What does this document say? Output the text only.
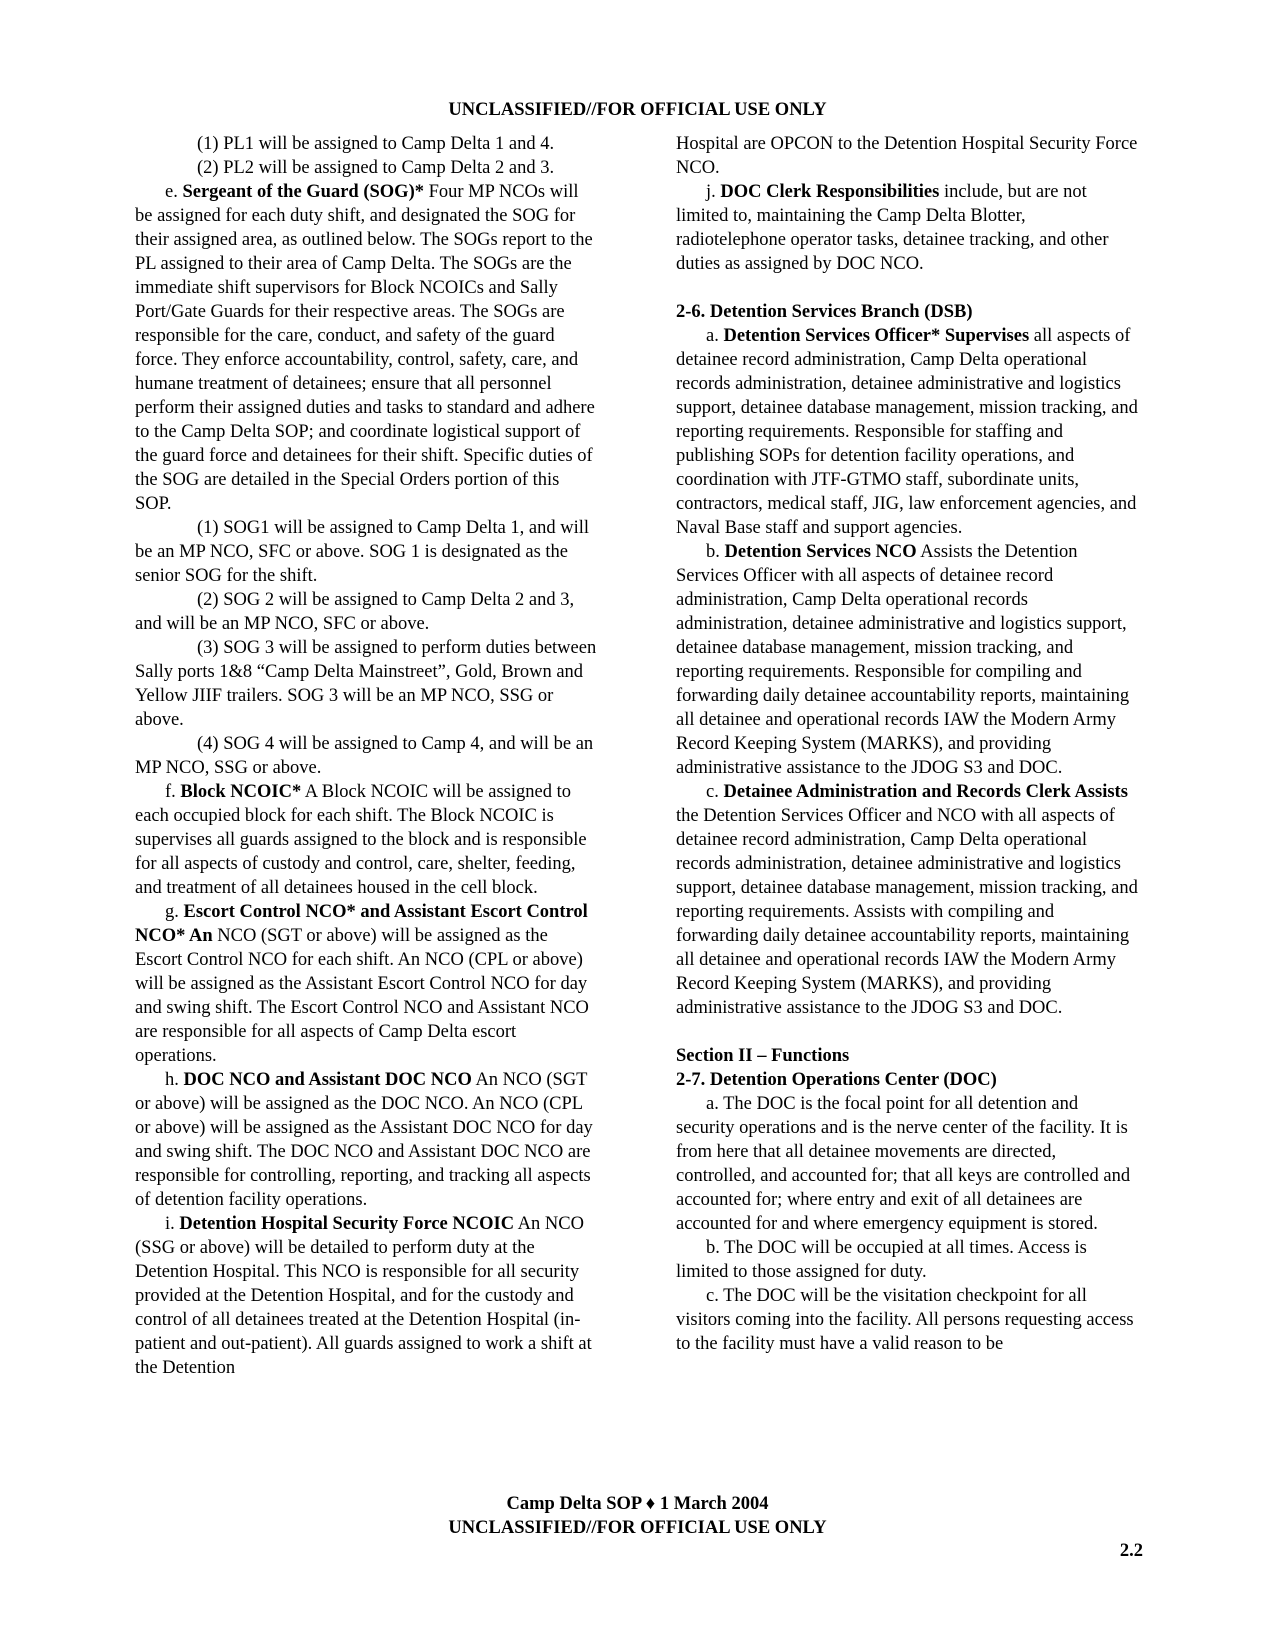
UNCLASSIFIED//FOR OFFICIAL USE ONLY

(1) PL1 will be assigned to Camp Delta 1 and 4.

(2) PL2 will be assigned to Camp Delta 2 and 3.

e. Sergeant of the Guard (SOG)* Four MP NCOs will be assigned for each duty shift, and designated the SOG for their assigned area, as outlined below. The SOGs report to the PL assigned to their area of Camp Delta. The SOGs are the immediate shift supervisors for Block NCOICs and Sally Port/Gate Guards for their respective areas. The SOGs are responsible for the care, conduct, and safety of the guard force. They enforce accountability, control, safety, care, and humane treatment of detainees; ensure that all personnel perform their assigned duties and tasks to standard and adhere to the Camp Delta SOP; and coordinate logistical support of the guard force and detainees for their shift. Specific duties of the SOG are detailed in the Special Orders portion of this SOP.

(1) SOG1 will be assigned to Camp Delta 1, and will be an MP NCO, SFC or above. SOG 1 is designated as the senior SOG for the shift.

(2) SOG 2 will be assigned to Camp Delta 2 and 3, and will be an MP NCO, SFC or above.

(3) SOG 3 will be assigned to perform duties between Sally ports 1&8 “Camp Delta Mainstreet”, Gold, Brown and Yellow JIIF trailers. SOG 3 will be an MP NCO, SSG or above.

(4) SOG 4 will be assigned to Camp 4, and will be an MP NCO, SSG or above.

f. Block NCOIC* A Block NCOIC will be assigned to each occupied block for each shift. The Block NCOIC is supervises all guards assigned to the block and is responsible for all aspects of custody and control, care, shelter, feeding, and treatment of all detainees housed in the cell block.

g. Escort Control NCO* and Assistant Escort Control NCO* An NCO (SGT or above) will be assigned as the Escort Control NCO for each shift. An NCO (CPL or above) will be assigned as the Assistant Escort Control NCO for day and swing shift. The Escort Control NCO and Assistant NCO are responsible for all aspects of Camp Delta escort operations.

h. DOC NCO and Assistant DOC NCO An NCO (SGT or above) will be assigned as the DOC NCO. An NCO (CPL or above) will be assigned as the Assistant DOC NCO for day and swing shift. The DOC NCO and Assistant DOC NCO are responsible for controlling, reporting, and tracking all aspects of detention facility operations.

i. Detention Hospital Security Force NCOIC An NCO (SSG or above) will be detailed to perform duty at the Detention Hospital. This NCO is responsible for all security provided at the Detention Hospital, and for the custody and control of all detainees treated at the Detention Hospital (in-patient and out-patient). All guards assigned to work a shift at the Detention

Hospital are OPCON to the Detention Hospital Security Force NCO.

j. DOC Clerk Responsibilities include, but are not limited to, maintaining the Camp Delta Blotter, radiotelephone operator tasks, detainee tracking, and other duties as assigned by DOC NCO.

2-6. Detention Services Branch (DSB)

a. Detention Services Officer* Supervises all aspects of detainee record administration, Camp Delta operational records administration, detainee administrative and logistics support, detainee database management, mission tracking, and reporting requirements. Responsible for staffing and publishing SOPs for detention facility operations, and coordination with JTF-GTMO staff, subordinate units, contractors, medical staff, JIG, law enforcement agencies, and Naval Base staff and support agencies.

b. Detention Services NCO Assists the Detention Services Officer with all aspects of detainee record administration, Camp Delta operational records administration, detainee administrative and logistics support, detainee database management, mission tracking, and reporting requirements. Responsible for compiling and forwarding daily detainee accountability reports, maintaining all detainee and operational records IAW the Modern Army Record Keeping System (MARKS), and providing administrative assistance to the JDOG S3 and DOC.

c. Detainee Administration and Records Clerk Assists the Detention Services Officer and NCO with all aspects of detainee record administration, Camp Delta operational records administration, detainee administrative and logistics support, detainee database management, mission tracking, and reporting requirements. Assists with compiling and forwarding daily detainee accountability reports, maintaining all detainee and operational records IAW the Modern Army Record Keeping System (MARKS), and providing administrative assistance to the JDOG S3 and DOC.

Section II – Functions

2-7. Detention Operations Center (DOC)

a. The DOC is the focal point for all detention and security operations and is the nerve center of the facility. It is from here that all detainee movements are directed, controlled, and accounted for; that all keys are controlled and accounted for; where entry and exit of all detainees are accounted for and where emergency equipment is stored.

b. The DOC will be occupied at all times. Access is limited to those assigned for duty.

c. The DOC will be the visitation checkpoint for all visitors coming into the facility. All persons requesting access to the facility must have a valid reason to be

Camp Delta SOP ♦ 1 March 2004
UNCLASSIFIED//FOR OFFICIAL USE ONLY
2.2
